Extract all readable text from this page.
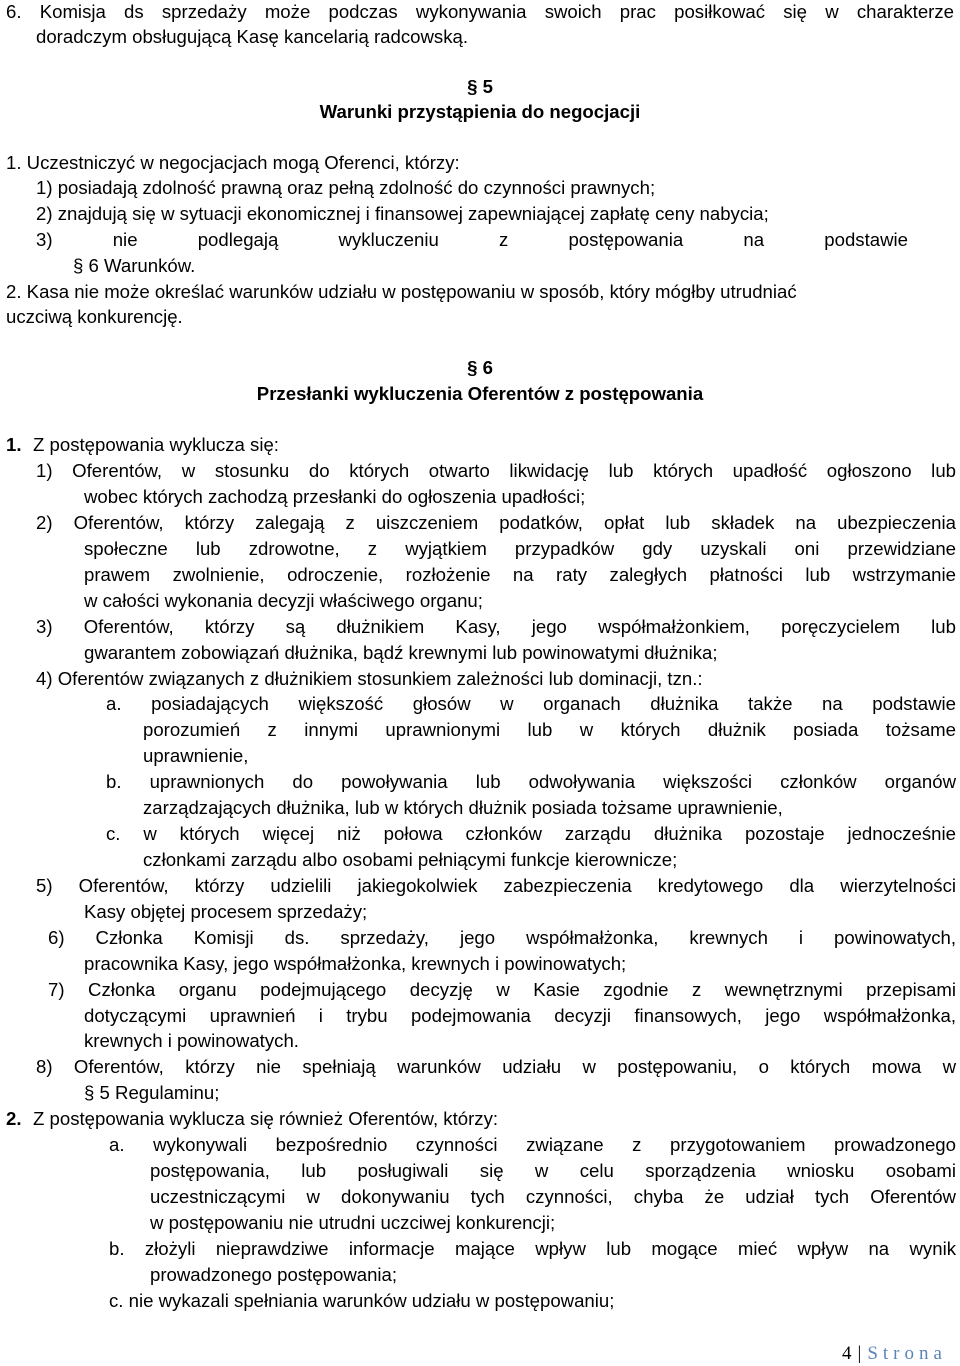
6. Komisja ds sprzedaży może podczas wykonywania swoich prac posiłkować się w charakterze
doradczym obsługującą Kasę kancelarią radcowską.
§ 5
Warunki przystąpienia do negocjacji
1. Uczestniczyć w negocjacjach mogą Oferenci, którzy:
1) posiadają zdolność prawną oraz pełną zdolność do czynności prawnych;
2) znajdują się w sytuacji ekonomicznej i finansowej zapewniającej zapłatę ceny nabycia;
3) nie podlegają wykluczeniu z postępowania na podstawie
§ 6 Warunków.
2. Kasa nie może określać warunków udziału w postępowaniu w sposób, który mógłby utrudniać
uczciwą konkurencję.
§ 6
Przesłanki wykluczenia Oferentów z postępowania
1. Z postępowania wyklucza się:
1) Oferentów, w stosunku do których otwarto likwidację lub których upadłość ogłoszono lub
wobec których zachodzą przesłanki do ogłoszenia upadłości;
2) Oferentów, którzy zalegają z uiszczeniem podatków, opłat lub składek na ubezpieczenia
społeczne lub zdrowotne, z wyjątkiem przypadków gdy uzyskali oni przewidziane
prawem zwolnienie, odroczenie, rozłożenie na raty zaległych płatności lub wstrzymanie
w całości wykonania decyzji właściwego organu;
3) Oferentów, którzy są dłużnikiem Kasy, jego współmałżonkiem, poręczycielem lub
gwarantem zobowiązań dłużnika, bądź krewnymi lub powinowatymi dłużnika;
4) Oferentów związanych z dłużnikiem stosunkiem zależności lub dominacji, tzn.:
a. posiadających większość głosów w organach dłużnika także na podstawie
porozumień z innymi uprawnionymi lub w których dłużnik posiada tożsame
uprawnienie,
b. uprawnionych do powoływania lub odwoływania większości członków organów
zarządzających dłużnika, lub w których dłużnik posiada tożsame uprawnienie,
c. w których więcej niż połowa członków zarządu dłużnika pozostaje jednocześnie
członkami zarządu albo osobami pełniącymi funkcje kierownicze;
5) Oferentów, którzy udzielili jakiegokolwiek zabezpieczenia kredytowego dla wierzytelności
Kasy objętej procesem sprzedaży;
6) Członka Komisji ds. sprzedaży, jego współmałżonka, krewnych i powinowatych,
pracownika Kasy, jego współmałżonka, krewnych i powinowatych;
7) Członka organu podejmującego decyzję w Kasie zgodnie z wewnętrznymi przepisami
dotyczącymi uprawnień i trybu podejmowania decyzji finansowych, jego współmałżonka,
krewnych i powinowatych.
8) Oferentów, którzy nie spełniają warunków udziału w postępowaniu, o których mowa w
§ 5 Regulaminu;
2. Z postępowania wyklucza się również Oferentów, którzy:
a. wykonywali bezpośrednio czynności związane z przygotowaniem prowadzonego
postępowania, lub posługiwali się w celu sporządzenia wniosku osobami
uczestniczącymi w dokonywaniu tych czynności, chyba że udział tych Oferentów
w postępowaniu nie utrudni uczciwej konkurencji;
b. złożyli nieprawdziwe informacje mające wpływ lub mogące mieć wpływ na wynik
prowadzonego postępowania;
c. nie wykazali spełniania warunków udziału w postępowaniu;
4 | Strona
